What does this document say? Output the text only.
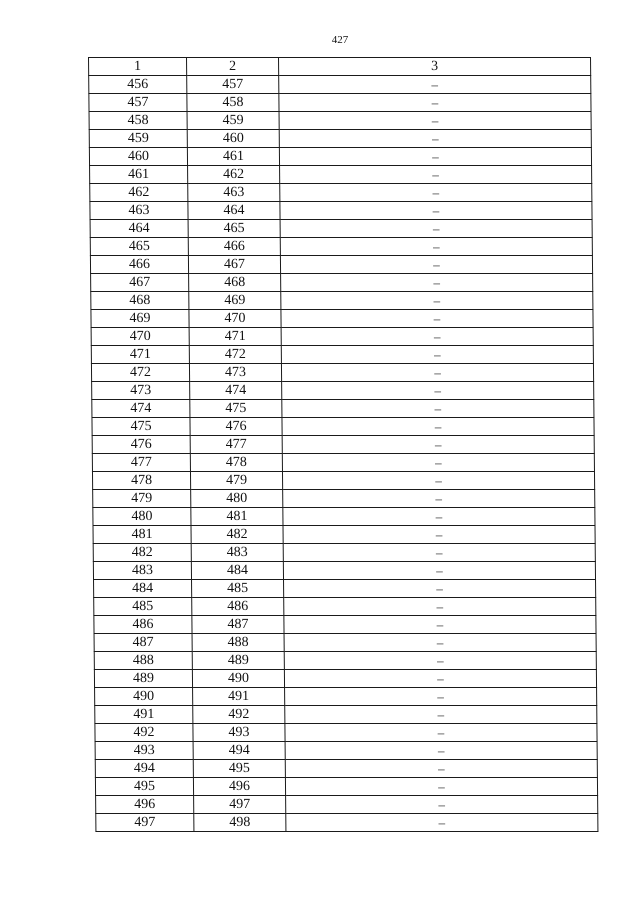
427
1	2	3
456	457	–
457	458	–
458	459	–
459	460	–
460	461	–
461	462	–
462	463	–
463	464	–
464	465	–
465	466	–
466	467	–
467	468	–
468	469	–
469	470	–
470	471	–
471	472	–
472	473	–
473	474	–
474	475	–
475	476	–
476	477	–
477	478	–
478	479	–
479	480	–
480	481	–
481	482	–
482	483	–
483	484	–
484	485	–
485	486	–
486	487	–
487	488	–
488	489	–
489	490	–
490	491	–
491	492	–
492	493	–
493	494	–
494	495	–
495	496	–
496	497	–
497	498	–
